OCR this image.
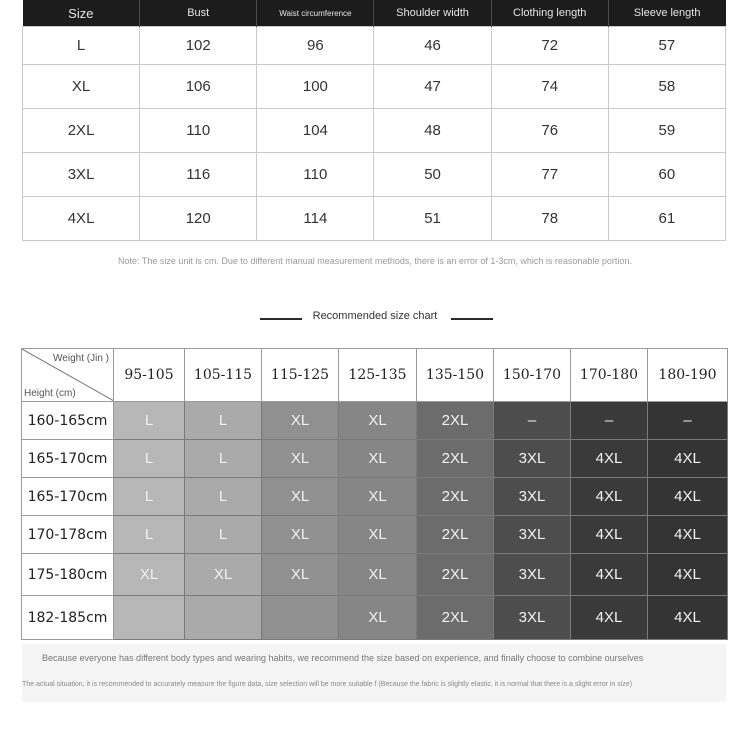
Size	Bust	Waist circumference	Shoulder width	Clothing length	Sleeve length
L	102	96	46	72	57
XL	106	100	47	74	58
2XL	110	104	48	76	59
3XL	116	110	50	77	60
4XL	120	114	51	78	61
Note: The size unit is cm. Due to different manual measurement methods, there is an error of 1-3cm, which is reasonable portion.
Recommended size chart
Weight (Jin )
Height (cm)	95-105	105-115	115-125	125-135	135-150	150-170	170-180	180-190
160-165cm	L	L	XL	XL	2XL	–	–	–
165-170cm	L	L	XL	XL	2XL	3XL	4XL	4XL
165-170cm	L	L	XL	XL	2XL	3XL	4XL	4XL
170-178cm	L	L	XL	XL	2XL	3XL	4XL	4XL
175-180cm	XL	XL	XL	XL	2XL	3XL	4XL	4XL
182-185cm				XL	2XL	3XL	4XL	4XL
Because everyone has different body types and wearing habits, we recommend the size based on experience, and finally choose to combine ourselves
The actual situation, it is recommended to accurately measure the figure data, size selection will be more suitable f (Because the fabric is slightly elastic, it is normal that there is a slight error in size)
